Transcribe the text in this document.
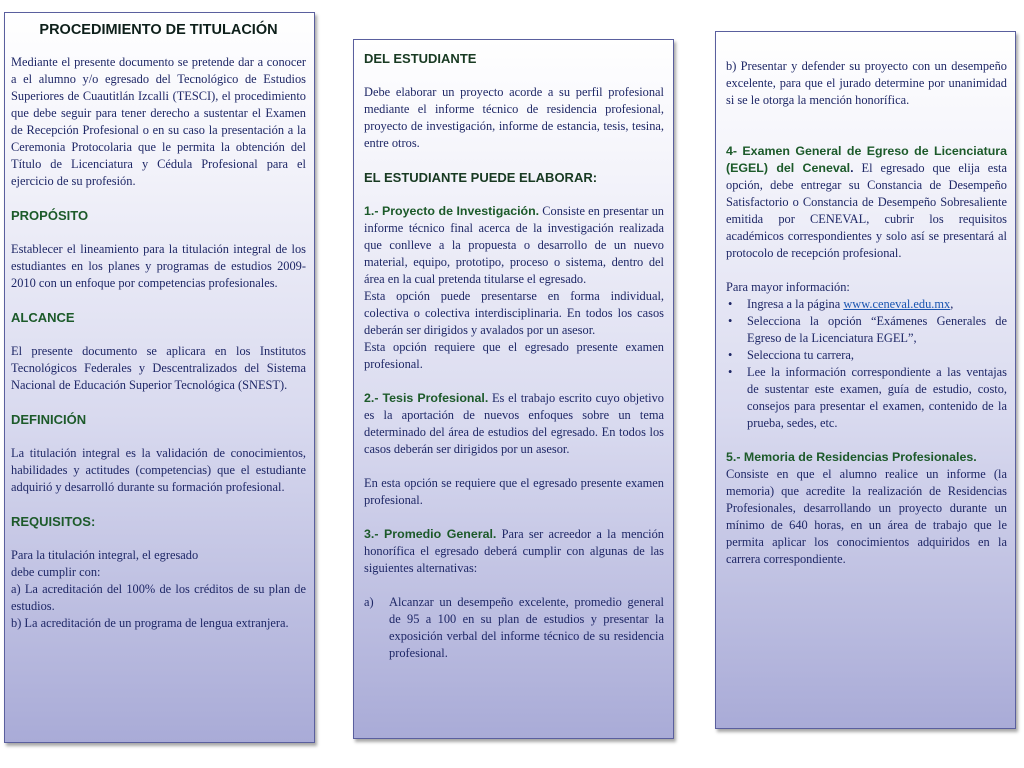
PROCEDIMIENTO DE TITULACIÓN

Mediante el presente documento se pretende dar a conocer a el alumno y/o egresado del Tecnológico de Estudios Superiores de Cuautitlán Izcalli (TESCI), el procedimiento que debe seguir para tener derecho a sustentar el Examen de Recepción Profesional o en su caso la presentación a la Ceremonia Protocolaria que le permita la obtención del Título de Licenciatura y Cédula Profesional para el ejercicio de su profesión.

PROPÓSITO

Establecer el lineamiento para la titulación integral de los estudiantes en los planes y programas de estudios 2009-2010 con un enfoque por competencias profesionales.

ALCANCE

El presente documento se aplicara en los Institutos Tecnológicos Federales y Descentralizados del Sistema Nacional de Educación Superior Tecnológica (SNEST).

DEFINICIÓN

La titulación integral es la validación de conocimientos, habilidades y actitudes (competencias) que el estudiante adquirió y desarrolló durante su formación profesional.

REQUISITOS:

Para la titulación integral, el egresado

debe cumplir con:

a) La acreditación del 100% de los créditos de su plan de estudios.

b) La acreditación de un programa de lengua extranjera.

DEL ESTUDIANTE

Debe elaborar un proyecto acorde a su perfil profesional mediante el informe técnico de residencia profesional, proyecto de investigación, informe de estancia, tesis, tesina, entre otros.

EL ESTUDIANTE PUEDE ELABORAR:

1.- Proyecto de Investigación. Consiste en presentar un informe técnico final acerca de la investigación realizada que conlleve a la propuesta o desarrollo de un nuevo material, equipo, prototipo, proceso o sistema, dentro del área en la cual pretenda titularse el egresado.

Esta opción puede presentarse en forma individual, colectiva o colectiva interdisciplinaria. En todos los casos deberán ser dirigidos y avalados por un asesor.

Esta opción requiere que el egresado presente examen profesional.

2.- Tesis Profesional. Es el trabajo escrito cuyo objetivo es la aportación de nuevos enfoques sobre un tema determinado del área de estudios del egresado. En todos los casos deberán ser dirigidos por un asesor.

En esta opción se requiere que el egresado presente examen profesional.

3.- Promedio General. Para ser acreedor a la mención honorífica el egresado deberá cumplir con algunas de las siguientes alternativas:

a)	Alcanzar un desempeño excelente, promedio general de 95 a 100 en su plan de estudios y presentar la exposición verbal del informe técnico de su residencia profesional.

b) Presentar y defender su proyecto con un desempeño excelente, para que el jurado determine por unanimidad si se le otorga la mención honorífica.

4- Examen General de Egreso de Licenciatura (EGEL) del Ceneval. El egresado que elija esta opción, debe entregar su Constancia de Desempeño Satisfactorio o Constancia de Desempeño Sobresaliente emitida por CENEVAL, cubrir los requisitos académicos correspondientes y solo así se presentará al protocolo de recepción profesional.

Para mayor información:

•	Ingresa a la página www.ceneval.edu.mx,
•	Selecciona la opción “Exámenes Generales de Egreso de la Licenciatura EGEL”,
•	Selecciona tu carrera,
•	Lee la información correspondiente a las ventajas de sustentar este examen, guía de estudio, costo, consejos para presentar el examen, contenido de la prueba, sedes, etc.

5.- Memoria de Residencias Profesionales.

Consiste en que el alumno realice un informe (la memoria) que acredite la realización de Residencias Profesionales, desarrollando un proyecto durante un mínimo de 640 horas, en un área de trabajo que le permita aplicar los conocimientos adquiridos en la carrera correspondiente.
